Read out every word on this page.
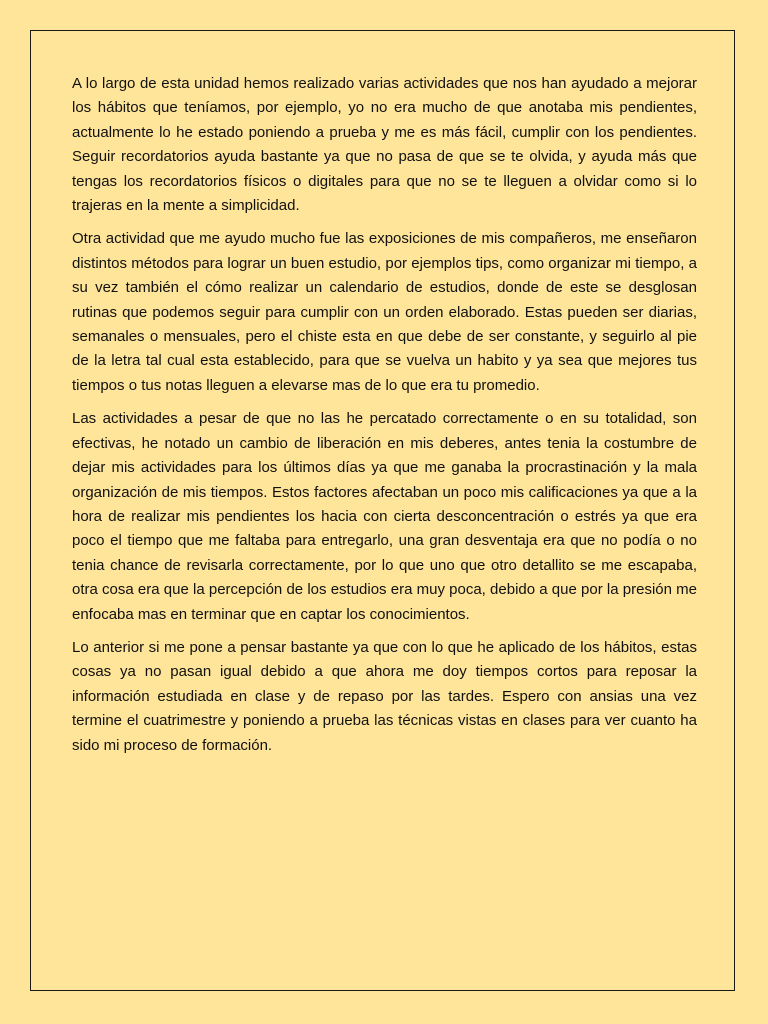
A lo largo de esta unidad hemos realizado varias actividades que nos han ayudado a mejorar los hábitos que teníamos, por ejemplo, yo no era mucho de que anotaba mis pendientes, actualmente lo he estado poniendo a prueba y me es más fácil, cumplir con los pendientes. Seguir recordatorios ayuda bastante ya que no pasa de que se te olvida, y ayuda más que tengas los recordatorios físicos o digitales para que no se te lleguen a olvidar como si lo trajeras en la mente a simplicidad.

Otra actividad que me ayudo mucho fue las exposiciones de mis compañeros, me enseñaron distintos métodos para lograr un buen estudio, por ejemplos tips, como organizar mi tiempo, a su vez también el cómo realizar un calendario de estudios, donde de este se desglosan rutinas que podemos seguir para cumplir con un orden elaborado. Estas pueden ser diarias, semanales o mensuales, pero el chiste esta en que debe de ser constante, y seguirlo al pie de la letra tal cual esta establecido, para que se vuelva un habito y ya sea que mejores tus tiempos o tus notas lleguen a elevarse mas de lo que era tu promedio.

Las actividades a pesar de que no las he percatado correctamente o en su totalidad, son efectivas, he notado un cambio de liberación en mis deberes, antes tenia la costumbre de dejar mis actividades para los últimos días ya que me ganaba la procrastinación y la mala organización de mis tiempos. Estos factores afectaban un poco mis calificaciones ya que a la hora de realizar mis pendientes los hacia con cierta desconcentración o estrés ya que era poco el tiempo que me faltaba para entregarlo, una gran desventaja era que no podía o no tenia chance de revisarla correctamente, por lo que uno que otro detallito se me escapaba, otra cosa era que la percepción de los estudios era muy poca, debido a que por la presión me enfocaba mas en terminar que en captar los conocimientos.

Lo anterior si me pone a pensar bastante ya que con lo que he aplicado de los hábitos, estas cosas ya no pasan igual debido a que ahora me doy tiempos cortos para reposar la información estudiada en clase y de repaso por las tardes. Espero con ansias una vez termine el cuatrimestre y poniendo a prueba las técnicas vistas en clases para ver cuanto ha sido mi proceso de formación.
